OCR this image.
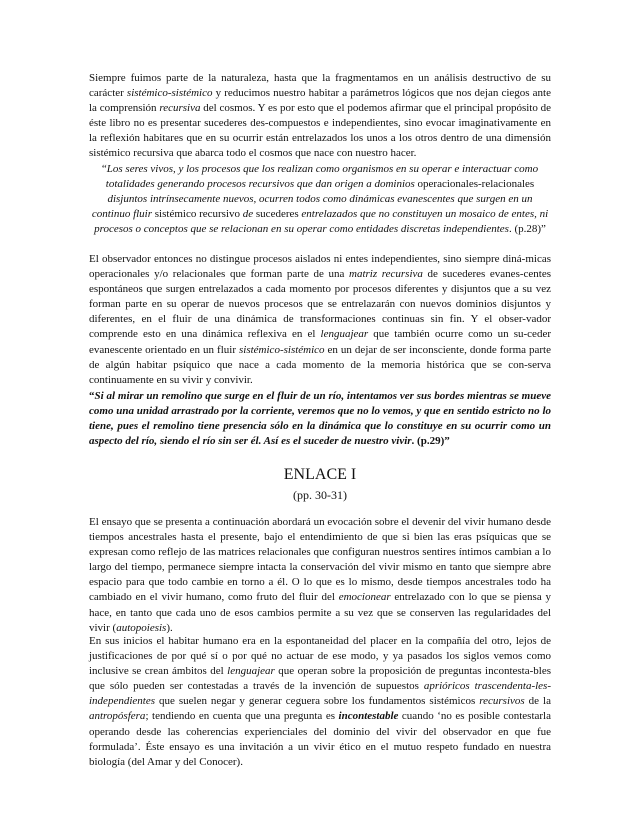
Siempre fuimos parte de la naturaleza, hasta que la fragmentamos en un análisis destructivo de su carácter sistémico-sistémico y reducimos nuestro habitar a parámetros lógicos que nos dejan ciegos ante la comprensión recursiva del cosmos. Y es por esto que el podemos afirmar que el principal propósito de éste libro no es presentar sucederes des-compuestos e independientes, sino evocar imaginativamente en la reflexión habitares que en su ocurrir están entrelazados los unos a los otros dentro de una dimensión sistémico recursiva que abarca todo el cosmos que nace con nuestro hacer.

“Los seres vivos, y los procesos que los realizan como organismos en su operar e interactuar como totalidades generando procesos recursivos que dan origen a dominios operacionales-relacionales disjuntos intrínsecamente nuevos, ocurren todos como dinámicas evanescentes que surgen en un continuo fluir sistémico recursivo de sucederes entrelazados que no constituyen un mosaico de entes, ni procesos o conceptos que se relacionan en su operar como entidades discretas independientes. (p.28)”

El observador entonces no distingue procesos aislados ni entes independientes, sino siempre diná-micas operacionales y/o relacionales que forman parte de una matriz recursiva de sucederes evanes-centes espontáneos que surgen entrelazados a cada momento por procesos diferentes y disjuntos que a su vez forman parte en su operar de nuevos procesos que se entrelazarán con nuevos dominios disjuntos y diferentes, en el fluir de una dinámica de transformaciones continuas sin fin. Y el obser-vador comprende esto en una dinámica reflexiva en el lenguajear que también ocurre como un su-ceder evanescente orientado en un fluir sistémico-sistémico en un dejar de ser inconsciente, donde forma parte de algún habitar psíquico que nace a cada momento de la memoria histórica que se con-serva continuamente en su vivir y convivir.

“Si al mirar un remolino que surge en el fluir de un río, intentamos ver sus bordes mientras se mueve como una unidad arrastrado por la corriente, veremos que no lo vemos, y que en sentido estricto no lo tiene, pues el remolino tiene presencia sólo en la dinámica que lo constituye en su ocurrir como un aspecto del río, siendo el río sin ser él. Así es el suceder de nuestro vivir. (p.29)”

ENLACE I
(pp. 30-31)

El ensayo que se presenta a continuación abordará un evocación sobre el devenir del vivir humano desde tiempos ancestrales hasta el presente, bajo el entendimiento de que si bien las eras psíquicas que se expresan como reflejo de las matrices relacionales que configuran nuestros sentires íntimos cambian a lo largo del tiempo, permanece siempre intacta la conservación del vivir mismo en tanto que siempre abre espacio para que todo cambie en torno a él. O lo que es lo mismo, desde tiempos ancestrales todo ha cambiado en el vivir humano, como fruto del fluir del emocionear entrelazado con lo que se piensa y hace, en tanto que cada uno de esos cambios permite a su vez que se conserven las regularidades del vivir (autopoiesis).

En sus inicios el habitar humano era en la espontaneidad del placer en la compañía del otro, lejos de justificaciones de por qué sí o por qué no actuar de ese modo, y ya pasados los siglos vemos como inclusive se crean ámbitos del lenguajear que operan sobre la proposición de preguntas incontesta-bles que sólo pueden ser contestadas a través de la invención de supuestos aprióricos trascendenta-les-independientes que suelen negar y generar ceguera sobre los fundamentos sistémicos recursivos de la antropósfera; tendiendo en cuenta que una pregunta es incontestable cuando ‘no es posible contestarla operando desde las coherencias experienciales del dominio del vivir del observador en que fue formulada’. Éste ensayo es una invitación a un vivir ético en el mutuo respeto fundado en nuestra biología (del Amar y del Conocer).
